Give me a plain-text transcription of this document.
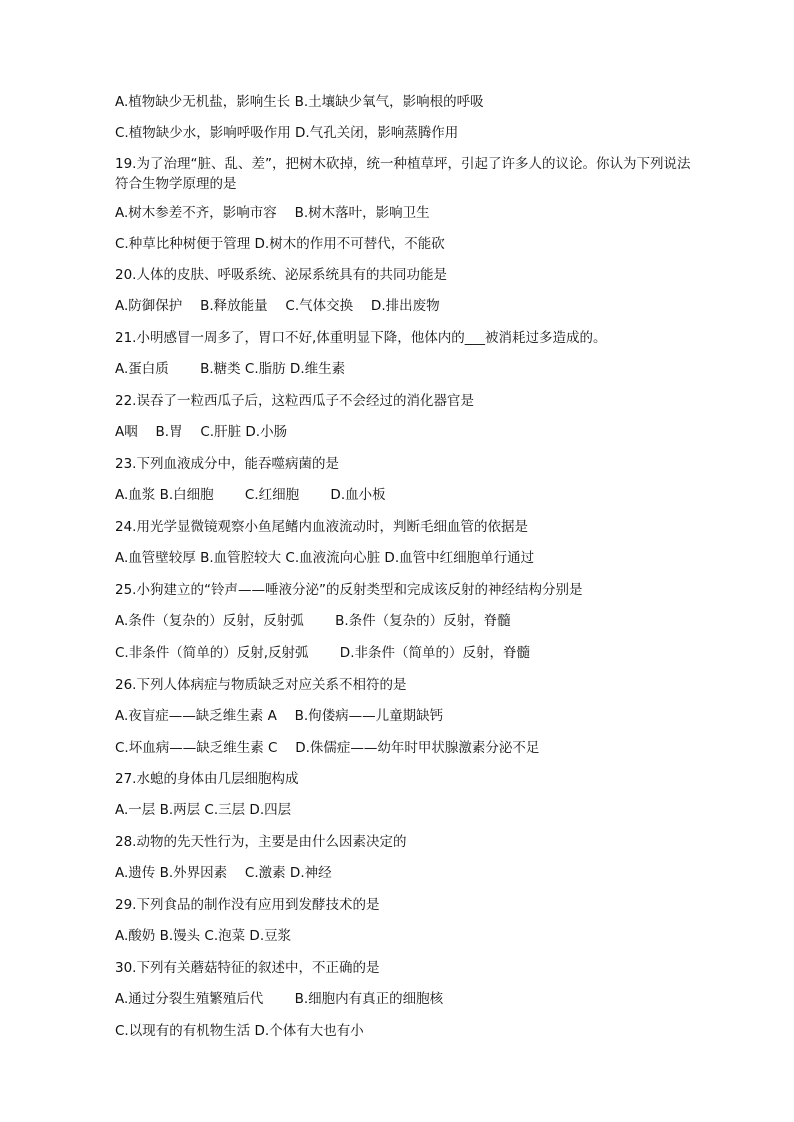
A.植物缺少无机盐，影响生长 B.土壤缺少氧气，影响根的呼吸
C.植物缺少水，影响呼吸作用 D.气孔关闭，影响蒸腾作用
19.为了治理“脏、乱、差”，把树木砍掉，统一种植草坪，引起了许多人的议论。你认为下列说法 符合生物学原理的是
A.树木参差不齐，影响市容　 B.树木落叶，影响卫生
C.种草比种树便于管理 D.树木的作用不可替代，不能砍
20.人体的皮肤、呼吸系统、泌尿系统具有的共同功能是
A.防御保护　 B.释放能量　 C.气体交换　 D.排出废物
21.小明感冒一周多了，胃口不好,体重明显下降，他体内的___被消耗过多造成的。
A.蛋白质　　 B.糖类 C.脂肪 D.维生素
22.误吞了一粒西瓜子后，这粒西瓜子不会经过的消化器官是
A咽　 B.胃　 C.肝脏 D.小肠
23.下列血液成分中，能吞噬病菌的是
A.血浆 B.白细胞　　 C.红细胞　　 D.血小板
24.用光学显微镜观察小鱼尾鳍内血液流动时，判断毛细血管的依据是
A.血管壁较厚 B.血管腔较大 C.血液流向心脏 D.血管中红细胞单行通过
25.小狗建立的“铃声——唾液分泌”的反射类型和完成该反射的神经结构分别是
A.条件（复杂的）反射，反射弧　　 B.条件（复杂的）反射，脊髓
C.非条件（简单的）反射,反射弧　　 D.非条件（简单的）反射，脊髓
26.下列人体病症与物质缺乏对应关系不相符的是
A.夜盲症——缺乏维生素 A　 B.佝偻病——儿童期缺钙
C.坏血病——缺乏维生素 C　 D.侏儒症——幼年时甲状腺激素分泌不足
27.水螅的身体由几层细胞构成
A.一层 B.两层 C.三层 D.四层
28.动物的先天性行为，主要是由什么因素决定的
A.遗传 B.外界因素　 C.激素 D.神经
29.下列食品的制作没有应用到发酵技术的是
A.酸奶 B.馒头 C.泡菜 D.豆浆
30.下列有关蘑菇特征的叙述中，不正确的是
A.通过分裂生殖繁殖后代　　 B.细胞内有真正的细胞核
C.以现有的有机物生活 D.个体有大也有小
